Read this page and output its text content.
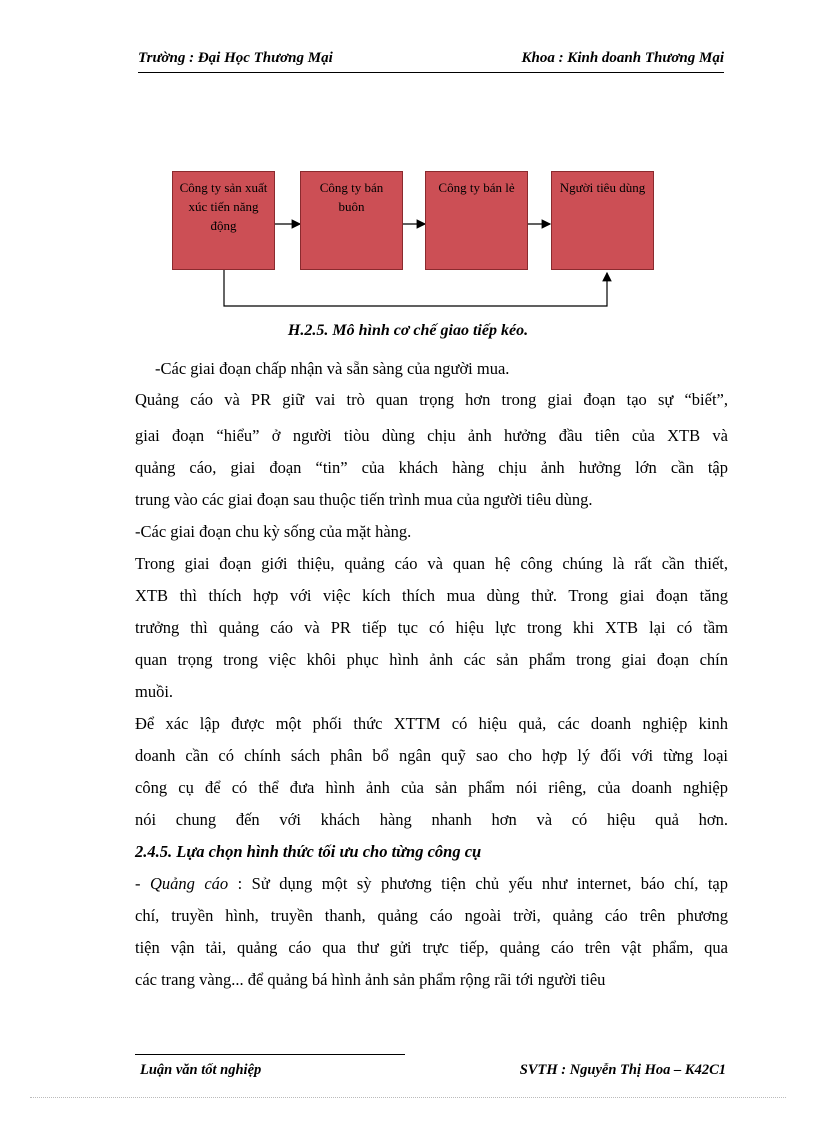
Trường : Đại Học Thương Mại	Khoa : Kinh doanh Thương Mại
Công ty sản xuất xúc tiến năng động
Công ty bán buôn
Công ty bán lẻ	Người tiêu dùng
H.2.5. Mô hình cơ chế giao tiếp kéo.
-Các giai đoạn chấp nhận và sẵn sàng của người mua.
Quảng cáo và PR giữ vai trò quan trọng hơn trong giai đoạn tạo sự “biết”,
giai đoạn “hiểu” ở người tiòu dùng chịu ảnh hưởng đầu tiên của XTB và
quảng cáo, giai đoạn “tin” của khách hàng chịu ảnh hưởng lớn cần tập
trung vào các giai đoạn sau thuộc tiến trình mua của người tiêu dùng.
-Các giai đoạn chu kỳ sống của mặt hàng.
Trong giai đoạn giới thiệu, quảng cáo và quan hệ công chúng là rất cần thiết,
XTB thì thích hợp với việc kích thích mua dùng thử. Trong giai đoạn tăng
trưởng thì quảng cáo và PR tiếp tục có hiệu lực trong khi XTB lại có tầm
quan trọng trong việc khôi phục hình ảnh các sản phẩm trong giai đoạn chín
muồi.
Để xác lập được một phối thức XTTM có hiệu quả, các doanh nghiệp kinh
doanh cần có chính sách phân bổ ngân quỹ sao cho hợp lý đối với từng loại
công cụ để có thể đưa hình ảnh của sản phẩm nói riêng, của doanh nghiệp
nói chung đến với khách hàng nhanh hơn và có hiệu quả hơn.
2.4.5. Lựa chọn hình thức tối ưu cho từng công cụ
- Quảng cáo : Sử dụng một sỳ phương tiện chủ yếu như internet, báo chí, tạp
chí, truyền hình, truyền thanh, quảng cáo ngoài trời, quảng cáo trên phương
tiện vận tải, quảng cáo qua thư gửi trực tiếp, quảng cáo trên vật phẩm, qua
các trang vàng... để quảng bá hình ảnh sản phẩm rộng rãi tới người tiêu
Luận văn tốt nghiệp	SVTH : Nguyễn Thị Hoa – K42C1
